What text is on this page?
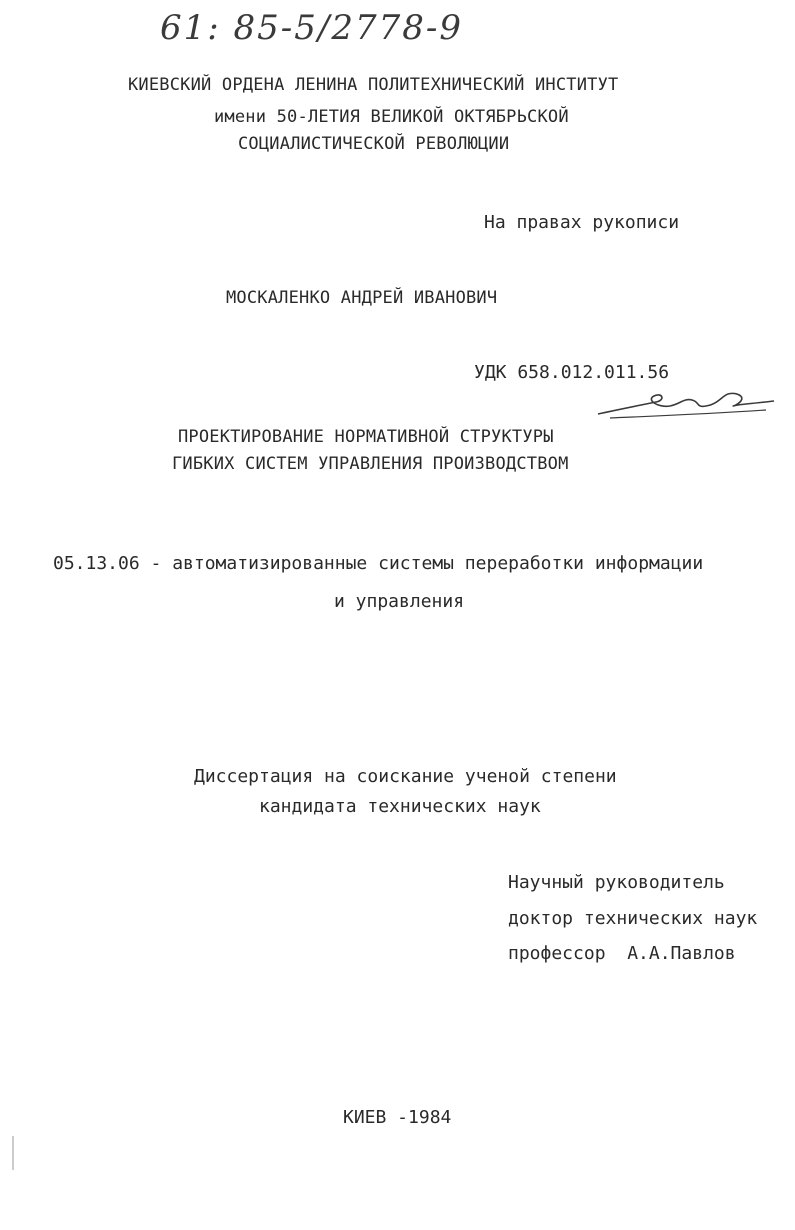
61: 85-5/2778-9
КИЕВСКИЙ ОРДЕНА ЛЕНИНА ПОЛИТЕХНИЧЕСКИЙ ИНСТИТУТ
имени 50-ЛЕТИЯ ВЕЛИКОЙ ОКТЯБРЬСКОЙ
СОЦИАЛИСТИЧЕСКОЙ РЕВОЛЮЦИИ
На правах рукописи
МОСКАЛЕНКО АНДРЕЙ ИВАНОВИЧ
УДК 658.012.011.56
ПРОЕКТИРОВАНИЕ НОРМАТИВНОЙ СТРУКТУРЫ
ГИБКИХ СИСТЕМ УПРАВЛЕНИЯ ПРОИЗВОДСТВОМ
05.13.06 - автоматизированные системы переработки информации
и управления
Диссертация на соискание ученой степени
кандидата технических наук
Научный руководитель
доктор технических наук
профессор  А.А.Павлов
КИЕВ -1984
